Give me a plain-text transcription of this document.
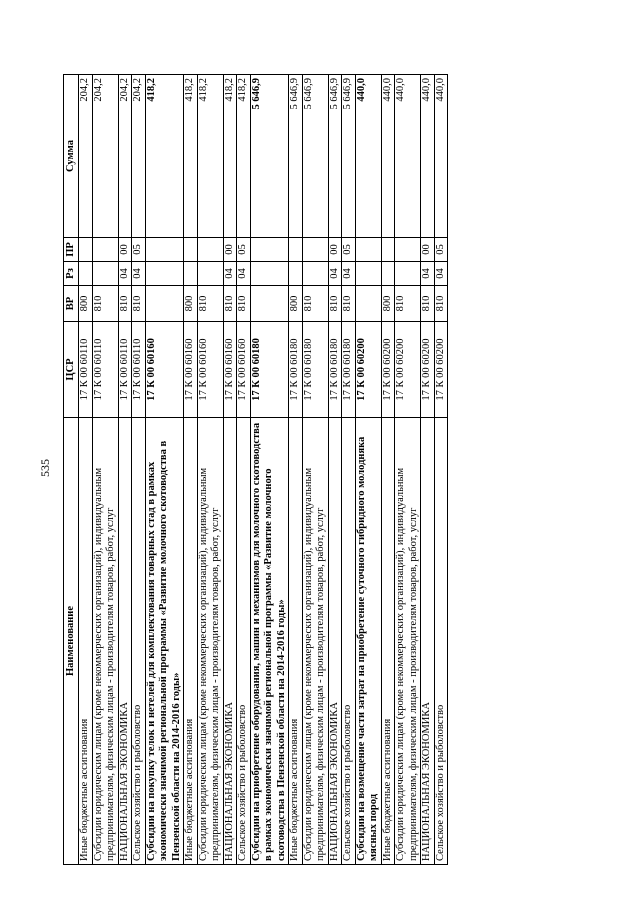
535
Наименование	ЦСР	ВР	Рз	ПР	Сумма
Иные бюджетные ассигнования	17 К 00 60110	800			204,2
Субсидии юридическим лицам (кроме некоммерческих организаций), индивидуальным предпринимателям, физическим лицам - производителям товаров, работ, услуг	17 К 00 60110	810			204,2
НАЦИОНАЛЬНАЯ ЭКОНОМИКА	17 К 00 60110	810	04	00	204,2
Сельское хозяйство и рыболовство	17 К 00 60110	810	04	05	204,2
Субсидии на покупку телок и нетелей для комплектования товарных стад в рамках экономически значимой региональной программы «Развитие молочного скотоводства в Пензенской области на 2014-2016 годы»	17 К 00 60160				418,2
Иные бюджетные ассигнования	17 К 00 60160	800			418,2
Субсидии юридическим лицам (кроме некоммерческих организаций), индивидуальным предпринимателям, физическим лицам - производителям товаров, работ, услуг	17 К 00 60160	810			418,2
НАЦИОНАЛЬНАЯ ЭКОНОМИКА	17 К 00 60160	810	04	00	418,2
Сельское хозяйство и рыболовство	17 К 00 60160	810	04	05	418,2
Субсидии на приобретение оборудования, машин и механизмов для молочного скотоводства в рамках экономически значимой региональной программы «Развитие молочного скотоводства в Пензенской области на 2014-2016 годы»	17 К 00 60180				5 646,9
Иные бюджетные ассигнования	17 К 00 60180	800			5 646,9
Субсидии юридическим лицам (кроме некоммерческих организаций), индивидуальным предпринимателям, физическим лицам - производителям товаров, работ, услуг	17 К 00 60180	810			5 646,9
НАЦИОНАЛЬНАЯ ЭКОНОМИКА	17 К 00 60180	810	04	00	5 646,9
Сельское хозяйство и рыболовство	17 К 00 60180	810	04	05	5 646,9
Субсидии на возмещение части затрат на приобретение суточного гибридного молодняка мясных пород	17 К 00 60200				440,0
Иные бюджетные ассигнования	17 К 00 60200	800			440,0
Субсидии юридическим лицам (кроме некоммерческих организаций), индивидуальным предпринимателям, физическим лицам - производителям товаров, работ, услуг	17 К 00 60200	810			440,0
НАЦИОНАЛЬНАЯ ЭКОНОМИКА	17 К 00 60200	810	04	00	440,0
Сельское хозяйство и рыболовство	17 К 00 60200	810	04	05	440,0
